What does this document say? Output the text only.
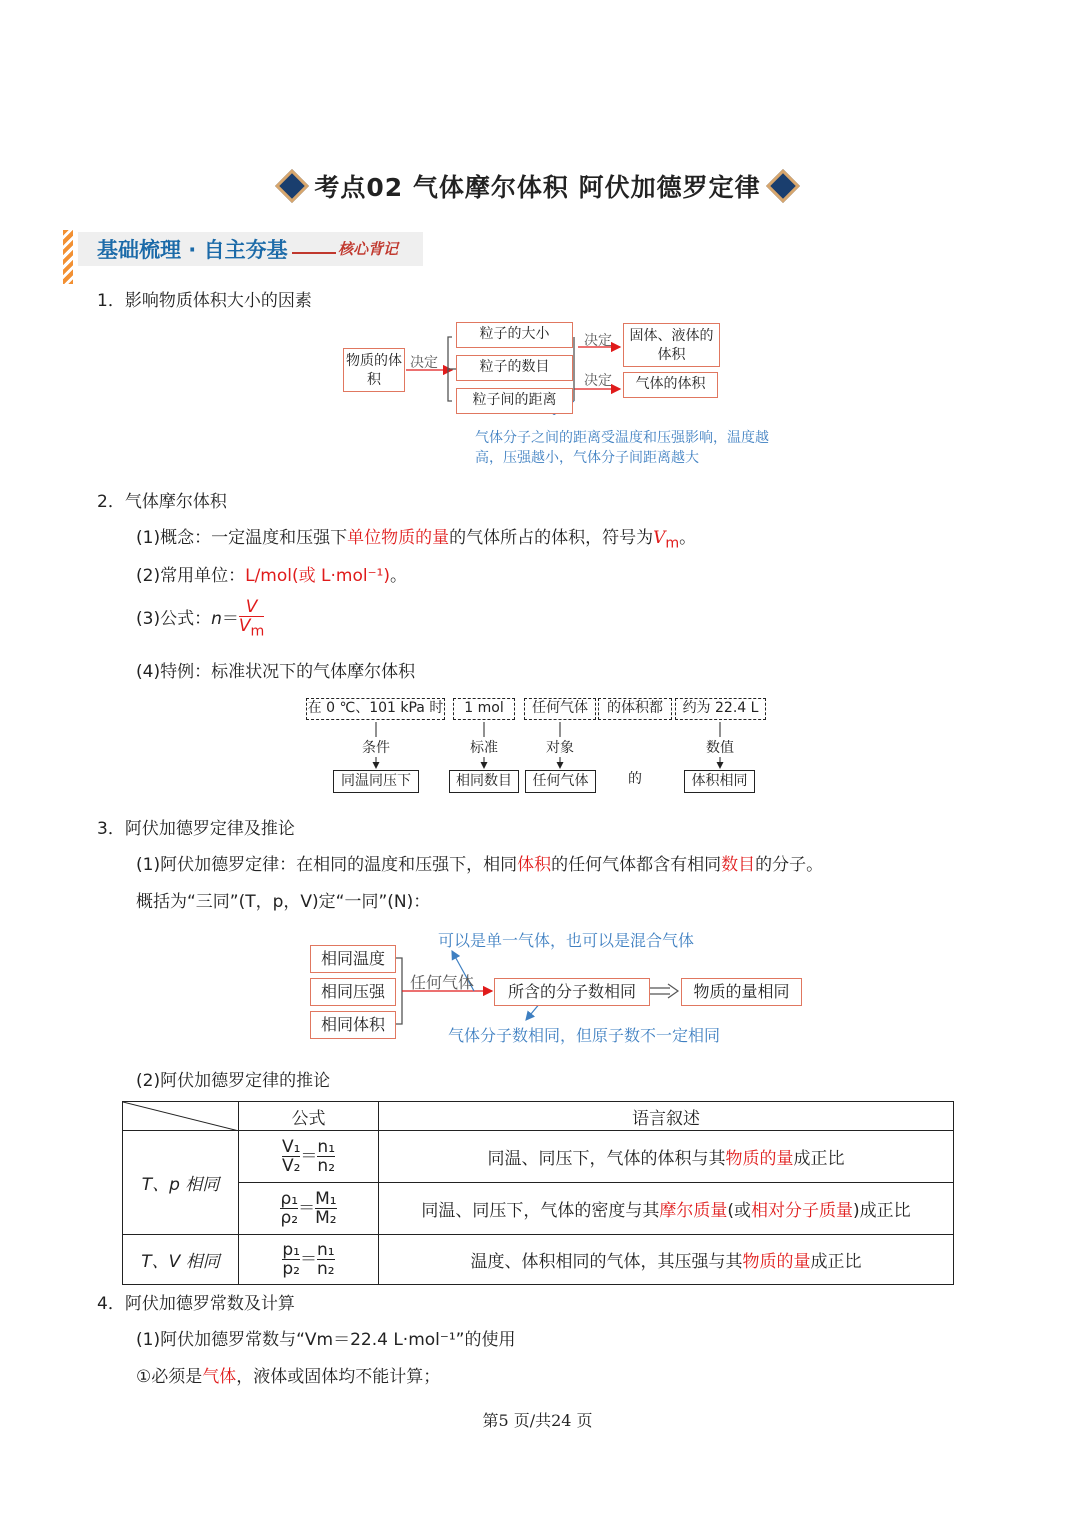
考点02 气体摩尔体积 阿伏加德罗定律
基础梳理 · 自主夯基	核心背记
1．影响物质体积大小的因素
物质的体积
决定
粒子的大小
粒子的数目
粒子间的距离
决定
决定
固体、液体的体积
气体的体积
气体分子之间的距离受温度和压强影响，温度越高，压强越小，气体分子间距离越大
2．气体摩尔体积
(1)概念：一定温度和压强下单位物质的量的气体所占的体积，符号为$V_m$。
(2)常用单位：L/mol(或 L·mol⁻¹)。
(3)公式：$n= \frac{V}{V_m}$
(4)特例：标准状况下的气体摩尔体积
在 0 ℃、101 kPa 时	1 mol	任何气体	的体积都	约为 22.4 L
条件	标准	对象	数值
同温同压下	相同数目	任何气体	的	体积相同
3．阿伏加德罗定律及推论
(1)阿伏加德罗定律：在相同的温度和压强下，相同体积的任何气体都含有相同数目的分子。
概括为“三同”(T，p，V)定“一同”(N)：
相同温度
相同压强
相同体积
任何气体	所含的分子数相同	物质的量相同
可以是单一气体，也可以是混合气体
气体分子数相同，但原子数不一定相同
(2)阿伏加德罗定律的推论
	公式	语言叙述
T、p 相同	$\frac{\text{V₁}}{\text{V₂}} = \frac{\text{n₁}}{\text{n₂}}$	同温、同压下，气体的体积与其物质的量成正比

	$\frac{\text{ρ₁}}{\text{ρ₂}} = \frac{\text{M₁}}{\text{M₂}}$	同温、同压下，气体的密度与其摩尔质量(或相对分子质量)成正比
T、V 相同	$\frac{\text{p₁}}{\text{p₂}} = \frac{\text{n₁}}{\text{n₂}}$	温度、体积相同的气体，其压强与其物质的量成正比
4．阿伏加德罗常数及计算
(1)阿伏加德罗常数与“Vm＝22.4 L·mol⁻¹”的使用
①必须是气体，液体或固体均不能计算；
第5 页/共24 页
